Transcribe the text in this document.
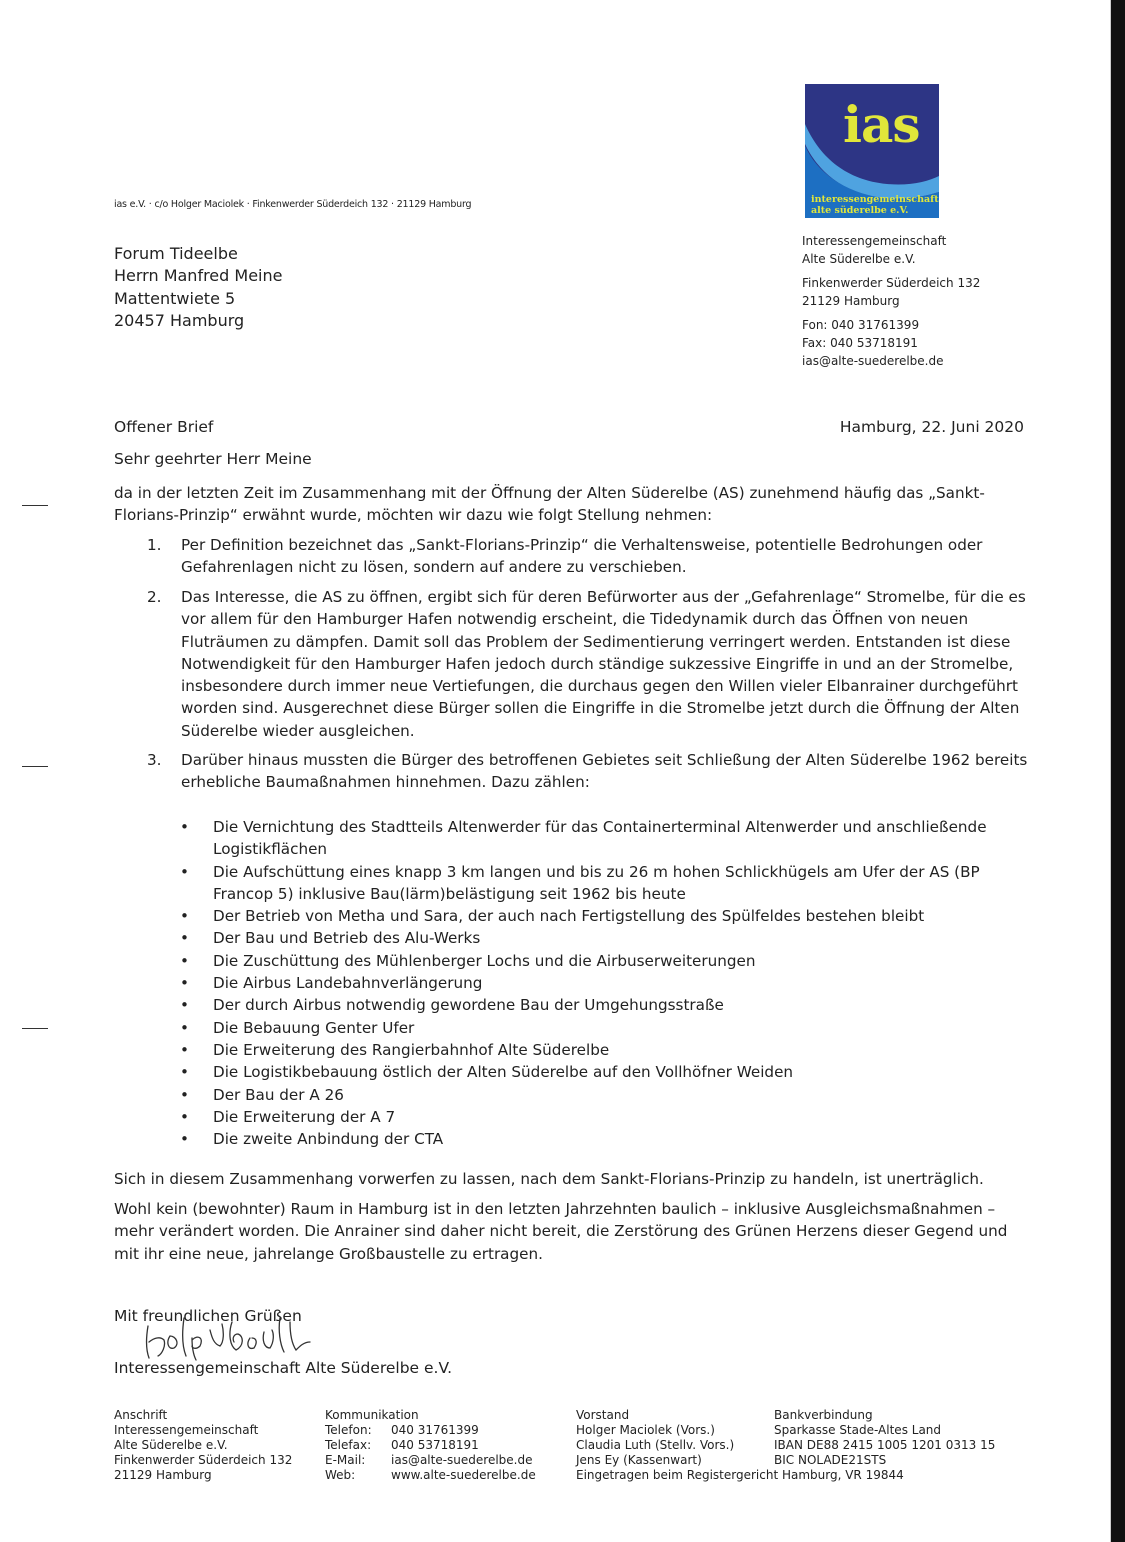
ias
interessengemeinschaft
alte süderelbe e.V.
ias e.V. · c/o Holger Maciolek · Finkenwerder Süderdeich 132 · 21129 Hamburg
Forum Tideelbe
Herrn Manfred Meine
Mattentwiete 5
20457 Hamburg
Interessengemeinschaft
Alte Süderelbe e.V.
Finkenwerder Süderdeich 132
21129 Hamburg
Fon: 040 31761399
Fax: 040 53718191
ias@alte-suederelbe.de
Offener Brief	Hamburg, 22. Juni 2020
Sehr geehrter Herr Meine
da in der letzten Zeit im Zusammenhang mit der Öffnung der Alten Süderelbe (AS) zunehmend häufig das „Sankt-Florians-Prinzip“ erwähnt wurde, möchten wir dazu wie folgt Stellung nehmen:
1. Per Definition bezeichnet das „Sankt-Florians-Prinzip“ die Verhaltensweise, potentielle Bedrohungen oder Gefahrenlagen nicht zu lösen, sondern auf andere zu verschieben.
2. Das Interesse, die AS zu öffnen, ergibt sich für deren Befürworter aus der „Gefahrenlage“ Stromelbe, für die es vor allem für den Hamburger Hafen notwendig erscheint, die Tidedynamik durch das Öffnen von neuen Fluträumen zu dämpfen. Damit soll das Problem der Sedimentierung verringert werden. Entstanden ist diese Notwendigkeit für den Hamburger Hafen jedoch durch ständige sukzessive Eingriffe in und an der Stromelbe, insbesondere durch immer neue Vertiefungen, die durchaus gegen den Willen vieler Elbanrainer durchgeführt worden sind. Ausgerechnet diese Bürger sollen die Eingriffe in die Stromelbe jetzt durch die Öffnung der Alten Süderelbe wieder ausgleichen.
3. Darüber hinaus mussten die Bürger des betroffenen Gebietes seit Schließung der Alten Süderelbe 1962 bereits erhebliche Baumaßnahmen hinnehmen. Dazu zählen:
• Die Vernichtung des Stadtteils Altenwerder für das Containerterminal Altenwerder und anschließende Logistikflächen
• Die Aufschüttung eines knapp 3 km langen und bis zu 26 m hohen Schlickhügels am Ufer der AS (BP Francop 5) inklusive Bau(lärm)belästigung seit 1962 bis heute
• Der Betrieb von Metha und Sara, der auch nach Fertigstellung des Spülfeldes bestehen bleibt
• Der Bau und Betrieb des Alu-Werks
• Die Zuschüttung des Mühlenberger Lochs und die Airbuserweiterungen
• Die Airbus Landebahnverlängerung
• Der durch Airbus notwendig gewordene Bau der Umgehungsstraße
• Die Bebauung Genter Ufer
• Die Erweiterung des Rangierbahnhof Alte Süderelbe
• Die Logistikbebauung östlich der Alten Süderelbe auf den Vollhöfner Weiden
• Der Bau der A 26
• Die Erweiterung der A 7
• Die zweite Anbindung der CTA
Sich in diesem Zusammenhang vorwerfen zu lassen, nach dem Sankt-Florians-Prinzip zu handeln, ist unerträglich.
Wohl kein (bewohnter) Raum in Hamburg ist in den letzten Jahrzehnten baulich – inklusive Ausgleichsmaßnahmen – mehr verändert worden. Die Anrainer sind daher nicht bereit, die Zerstörung des Grünen Herzens dieser Gegend und mit ihr eine neue, jahrelange Großbaustelle zu ertragen.
Mit freundlichen Grüßen
Interessengemeinschaft Alte Süderelbe e.V.
Anschrift
Interessengemeinschaft
Alte Süderelbe e.V.
Finkenwerder Süderdeich 132
21129 Hamburg
Kommunikation
Telefon: 040 31761399
Telefax: 040 53718191
E-Mail: ias@alte-suederelbe.de
Web:	www.alte-suederelbe.de
Vorstand
Holger Maciolek (Vors.)
Claudia Luth (Stellv. Vors.)
Jens Ey (Kassenwart)
Eingetragen beim Registergericht Hamburg, VR 19844
Bankverbindung
Sparkasse Stade-Altes Land
IBAN DE88 2415 1005 1201 0313 15
BIC NOLADE21STS
